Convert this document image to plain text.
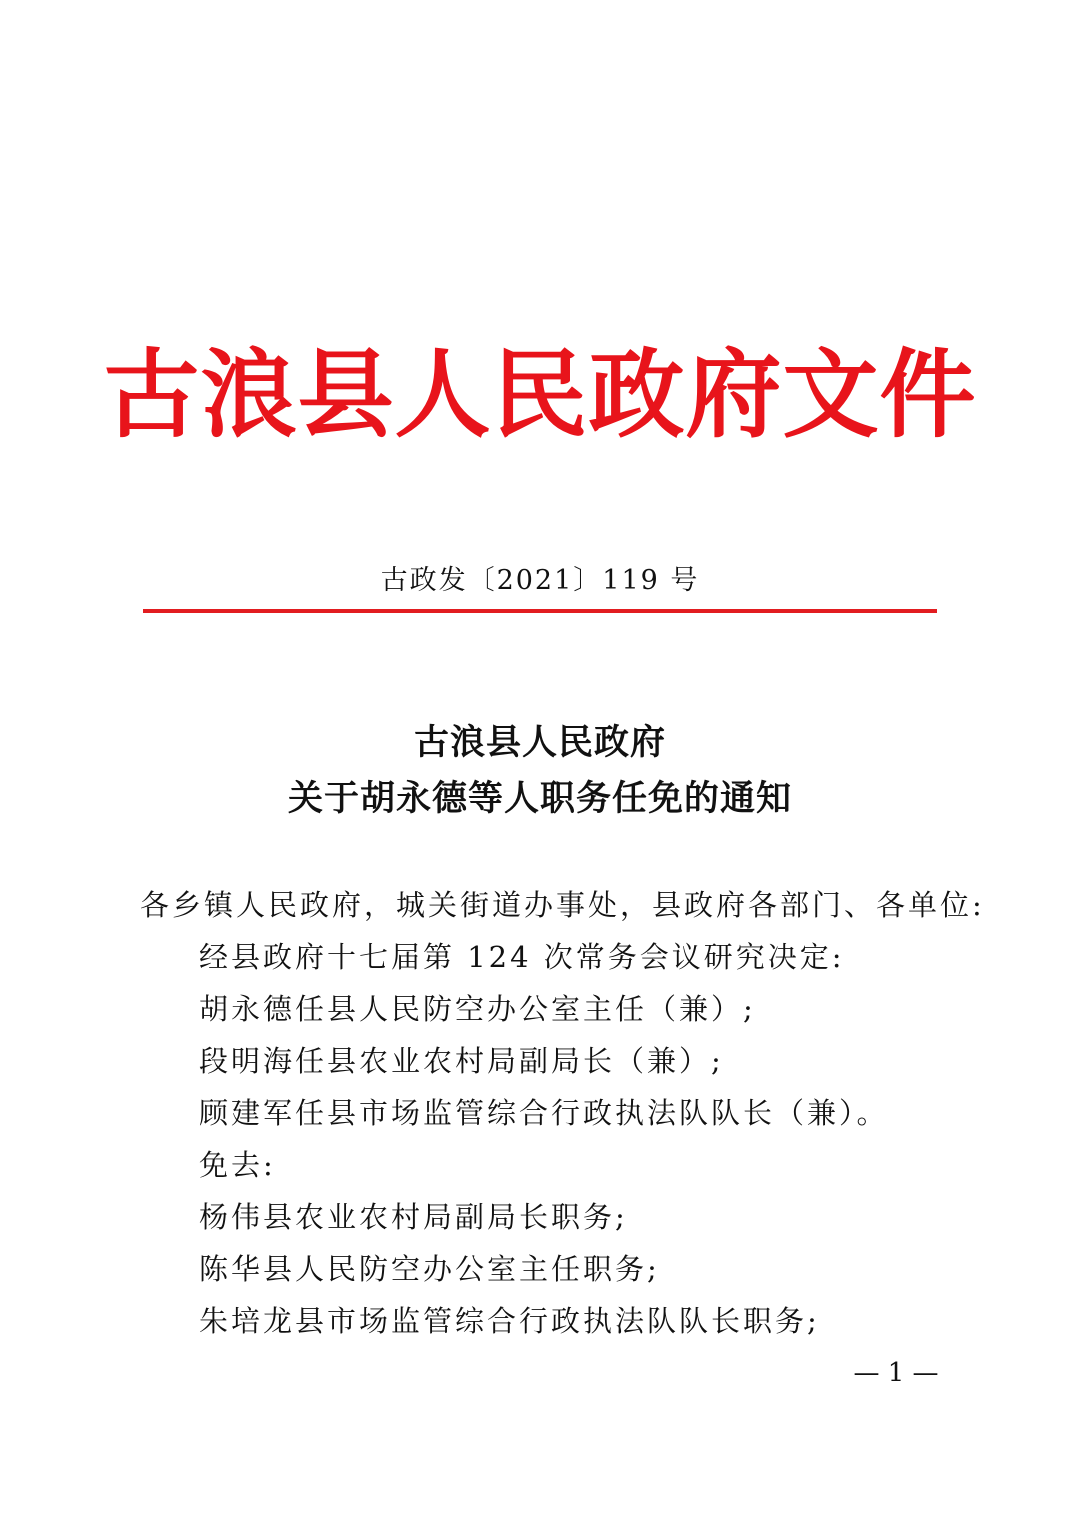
古浪县人民政府文件
古政发〔2021〕119 号
古浪县人民政府
关于胡永德等人职务任免的通知
各乡镇人民政府，城关街道办事处，县政府各部门、各单位:
经县政府十七届第 124 次常务会议研究决定:
胡永德任县人民防空办公室主任（兼）;
段明海任县农业农村局副局长（兼）;
顾建军任县市场监管综合行政执法队队长（兼）。
免去:
杨伟县农业农村局副局长职务;
陈华县人民防空办公室主任职务;
朱培龙县市场监管综合行政执法队队长职务;
— 1 —
